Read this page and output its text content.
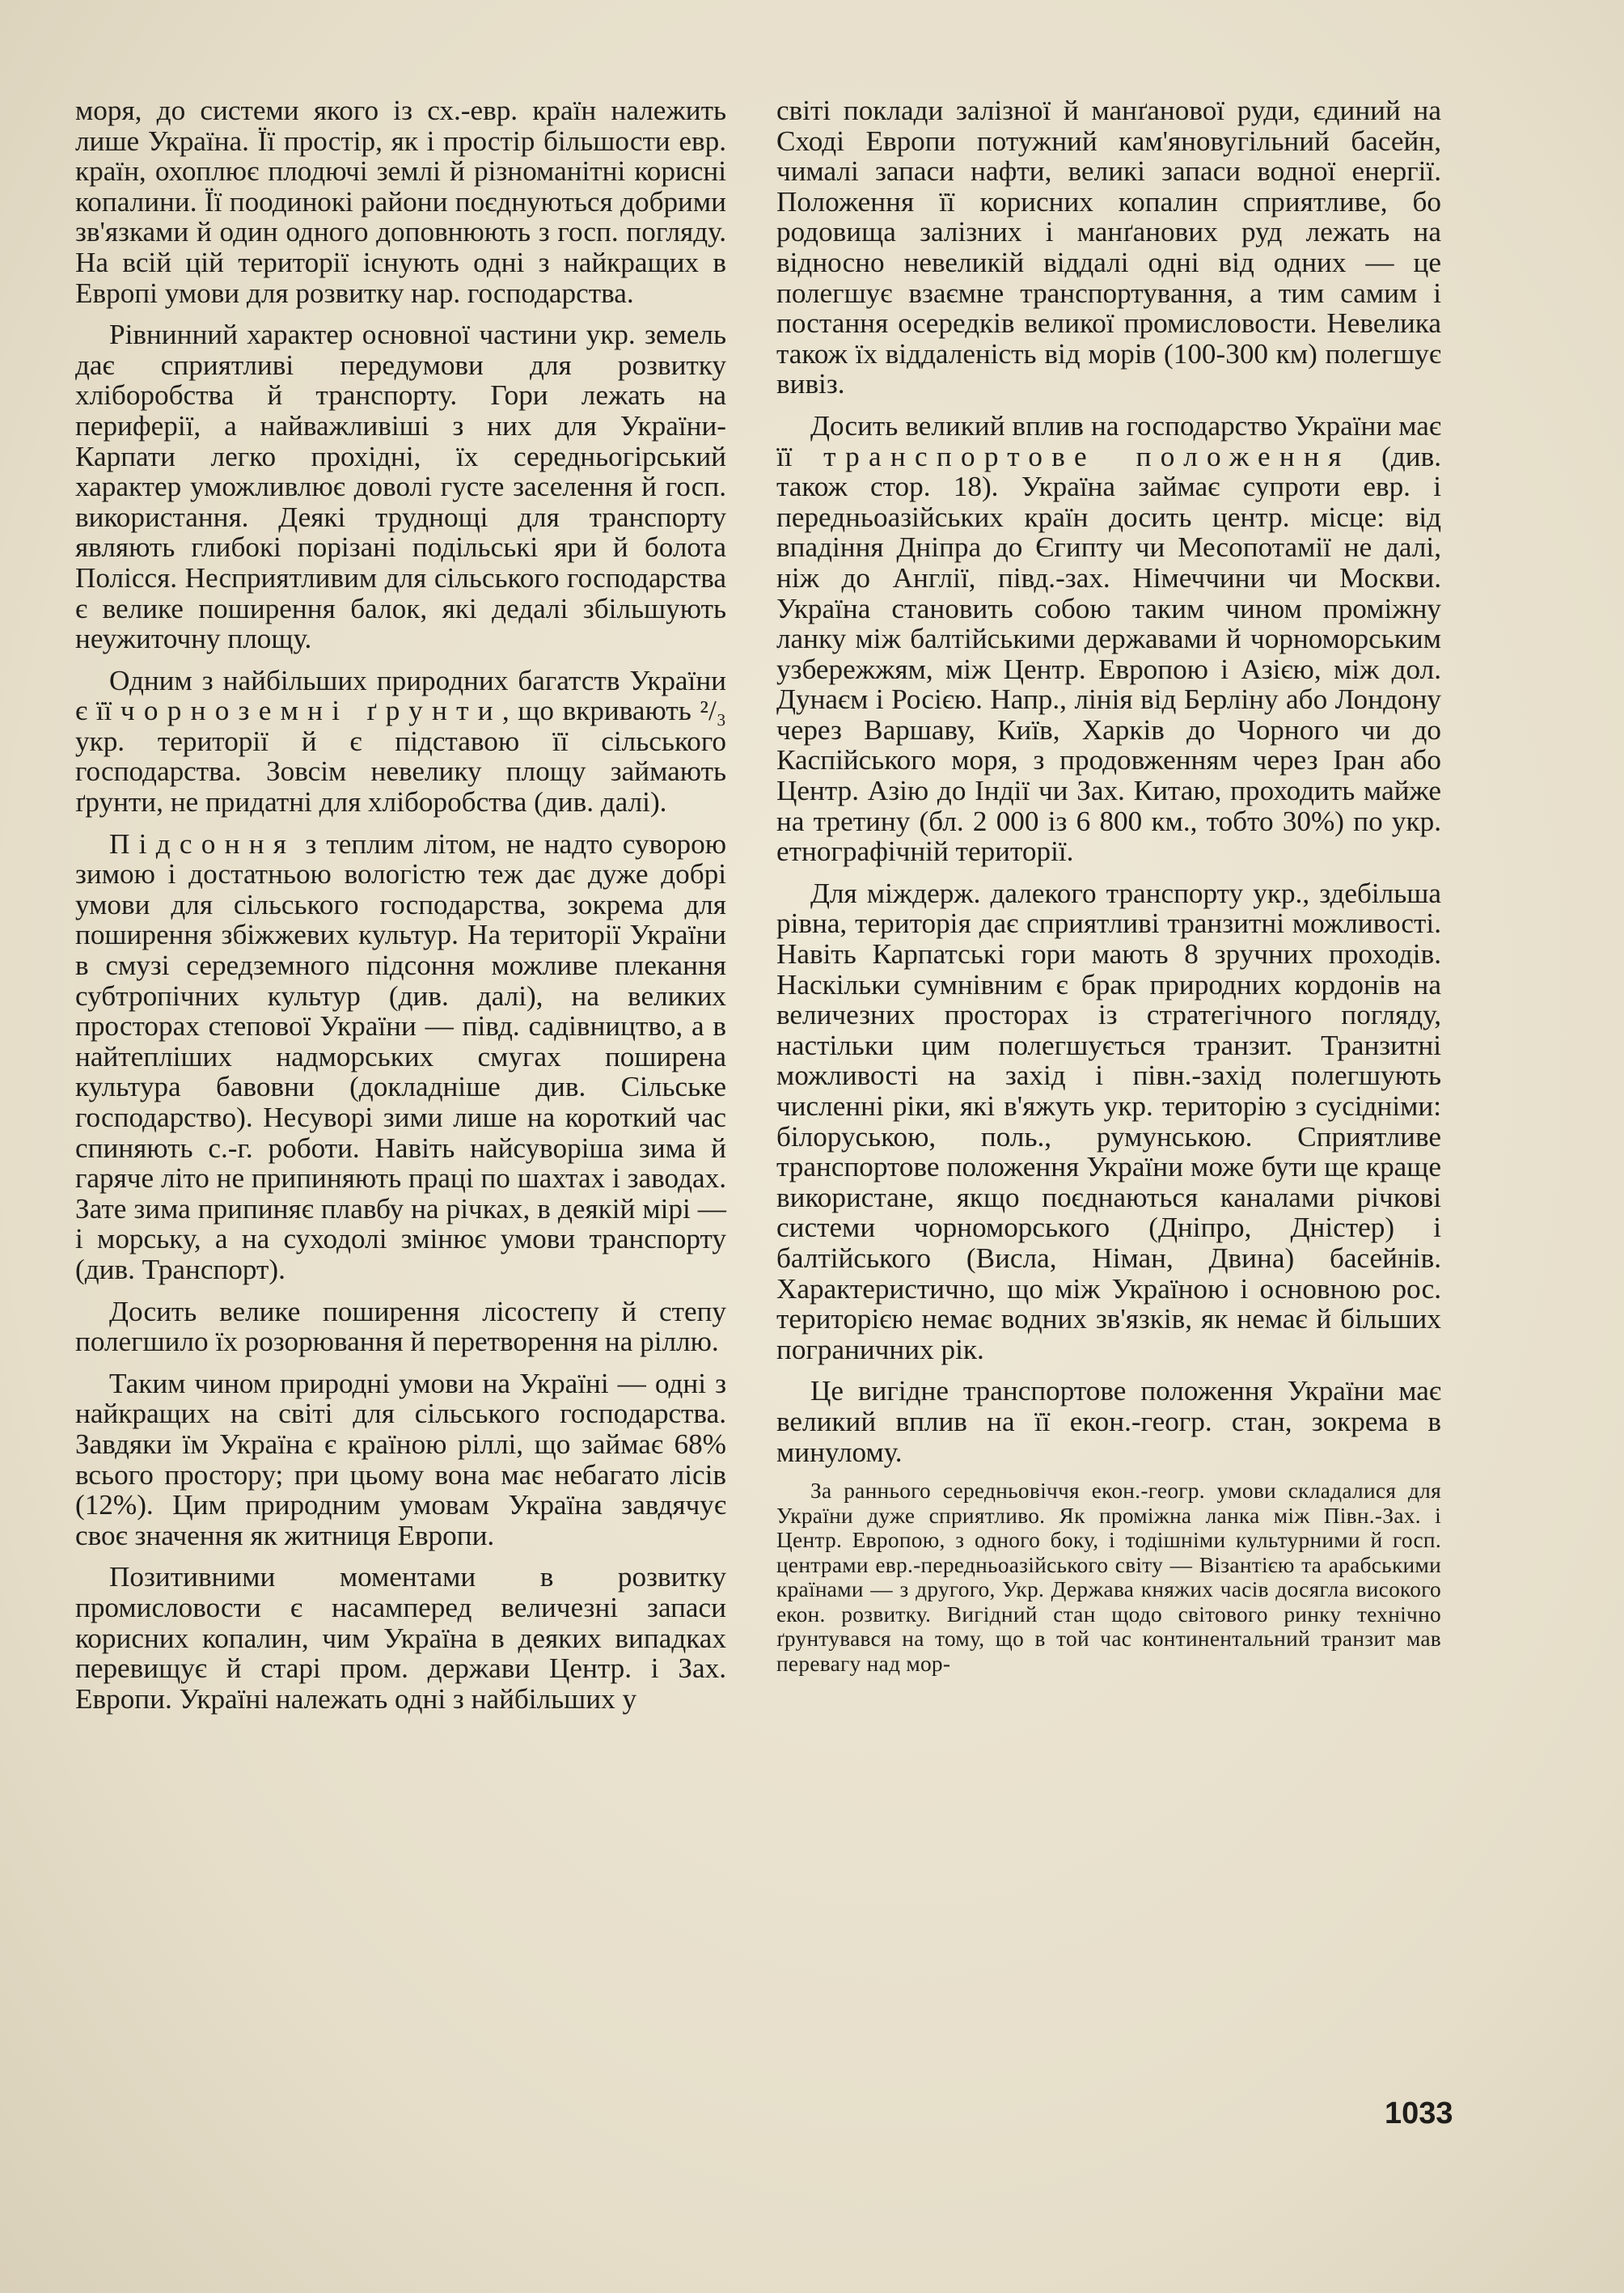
моря, до системи якого із сх.-евр. країн належить лише Україна. Її простір, як і простір більшости евр. країн, охоплює плодючі землі й різноманітні корисні копалини. Її поодинокі райони поєднуються добрими зв'язками й один одного доповнюють з госп. погляду. На всій цій території існують одні з найкращих в Европі умови для розвитку нар. господарства.

Рівнинний характер основної частини укр. земель дає сприятливі передумови для розвитку хліборобства й транспорту. Гори лежать на периферії, а найважливіші з них для України-Карпати легко прохідні, їх середньогірський характер уможливлює доволі густе заселення й госп. використання. Деякі труднощі для транспорту являють глибокі порізані подільські яри й болота Полісся. Несприятливим для сільського господарства є велике поширення балок, які дедалі збільшують неужиточну площу.

Одним з найбільших природних багатств України є її чорноземні ґрунти, що вкривають ²/₃ укр. території й є підставою її сільського господарства. Зовсім невелику площу займають ґрунти, не придатні для хліборобства (див. далі).

Підсоння з теплим літом, не надто суворою зимою і достатньою вологістю теж дає дуже добрі умови для сільського господарства, зокрема для поширення збіжжевих культур. На території України в смузі середземного підсоння можливе плекання субтропічних культур (див. далі), на великих просторах степової України — півд. садівництво, а в найтепліших надморських смугах поширена культура бавовни (докладніше див. Сільське господарство). Несуворі зими лише на короткий час спиняють с.-г. роботи. Навіть найсуворіша зима й гаряче літо не припиняють праці по шахтах і заводах. Зате зима припиняє плавбу на річках, в деякій мірі — і морську, а на суходолі змінює умови транспорту (див. Транспорт).

Досить велике поширення лісостепу й степу полегшило їх розорювання й перетворення на ріллю.

Таким чином природні умови на Україні — одні з найкращих на світі для сільського господарства. Завдяки їм Україна є країною ріллі, що займає 68% всього простору; при цьому вона має небагато лісів (12%). Цим природним умовам Україна завдячує своє значення як житниця Европи.

Позитивними моментами в розвитку промисловости є насамперед величезні запаси корисних копалин, чим Україна в деяких випадках перевищує й старі пром. держави Центр. і Зах. Европи. Україні належать одні з найбільших у

світі поклади залізної й манґанової руди, єдиний на Сході Европи потужний кам'яновугільний басейн, чималі запаси нафти, великі запаси водної енергії. Положення її корисних копалин сприятливе, бо родовища залізних і манґанових руд лежать на відносно невеликій віддалі одні від одних — це полегшує взаємне транспортування, а тим самим і постання осередків великої промисловости. Невелика також їх віддаленість від морів (100-300 км) полегшує вивіз.

Досить великий вплив на господарство України має її транспортове положення (див. також стор. 18). Україна займає супроти евр. і передньоазійських країн досить центр. місце: від впадіння Дніпра до Єгипту чи Месопотамії не далі, ніж до Англії, півд.-зах. Німеччини чи Москви. Україна становить собою таким чином проміжну ланку між балтійськими державами й чорноморським узбережжям, між Центр. Европою і Азією, між дол. Дунаєм і Росією. Напр., лінія від Берліну або Лондону через Варшаву, Київ, Харків до Чорного чи до Каспійського моря, з продовженням через Іран або Центр. Азію до Індії чи Зах. Китаю, проходить майже на третину (бл. 2 000 із 6 800 км., тобто 30%) по укр. етнографічній території.

Для міждерж. далекого транспорту укр., здебільша рівна, територія дає сприятливі транзитні можливості. Навіть Карпатські гори мають 8 зручних проходів. Наскільки сумнівним є брак природних кордонів на величезних просторах із стратегічного погляду, настільки цим полегшується транзит. Транзитні можливості на захід і півн.-захід полегшують численні ріки, які в'яжуть укр. територію з сусідніми: білоруською, поль., румунською. Сприятливе транспортове положення України може бути ще краще використане, якщо поєднаються каналами річкові системи чорноморського (Дніпро, Дністер) і балтійського (Висла, Німан, Двина) басейнів. Характеристично, що між Україною і основною рос. територією немає водних зв'язків, як немає й більших пограничних рік.

Це вигідне транспортове положення України має великий вплив на її екон.-геогр. стан, зокрема в минулому.

За раннього середньовіччя екон.-геогр. умови складалися для України дуже сприятливо. Як проміжна ланка між Півн.-Зах. і Центр. Европою, з одного боку, і тодішніми культурними й госп. центрами евр.-передньоазійського світу — Візантією та арабськими країнами — з другого, Укр. Держава княжих часів досягла високого екон. розвитку. Вигідний стан щодо світового ринку технічно ґрунтувався на тому, що в той час континентальний транзит мав перевагу над мор-

1033
